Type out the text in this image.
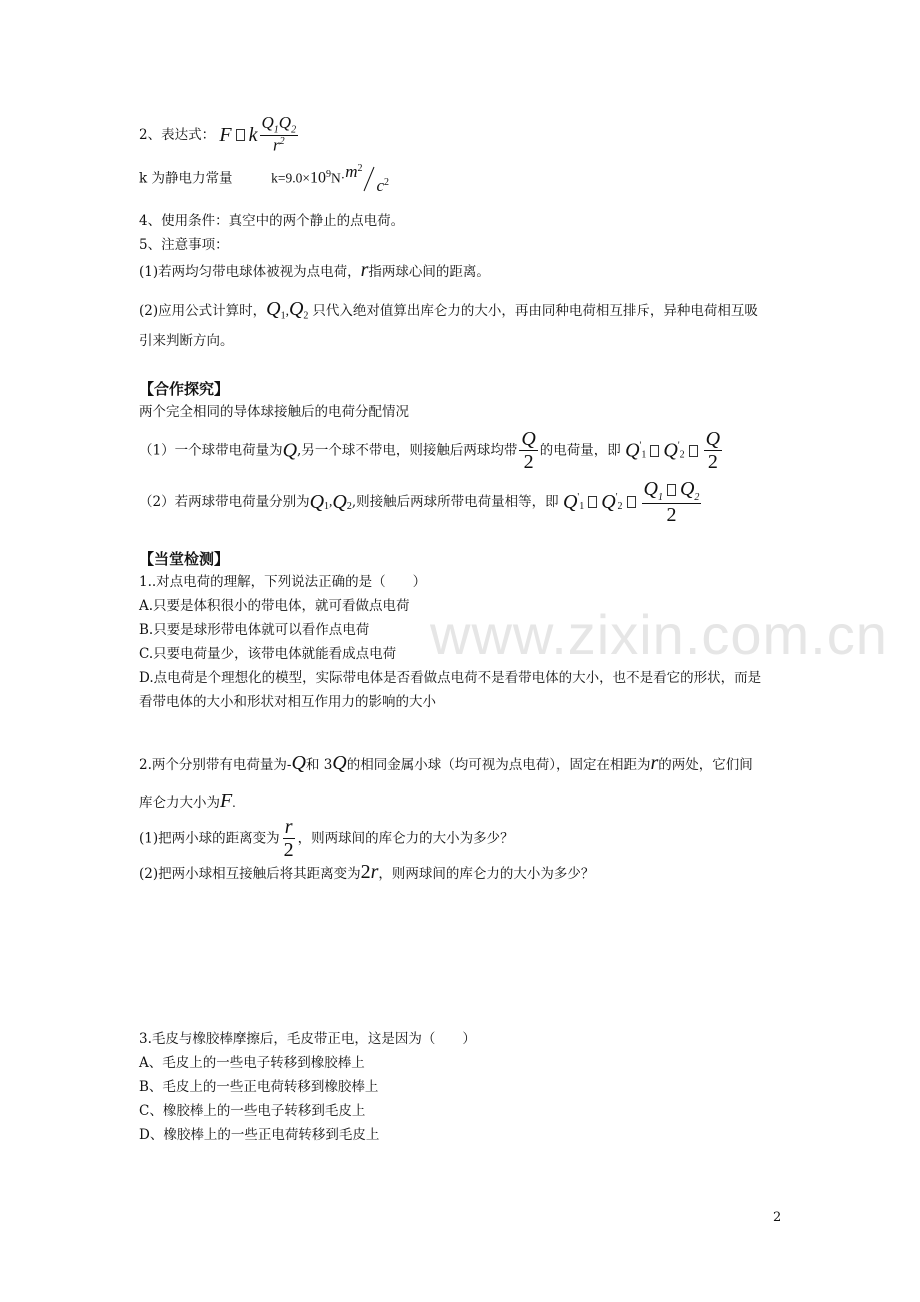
www.zixin.com.cn
2、表达式： F k $\frac{Q_1Q_2}{r^2}$
k 为静电力常量	$k=9.0\times 10^9N\cdot m^2c^2$
4、使用条件：真空中的两个静止的点电荷。
5、注意事项：
(1)若两均匀带电球体被视为点电荷，r指两球心间的距离。
(2)应用公式计算时，$Q_1,Q_2$ 只代入绝对值算出库仑力的大小，再由同种电荷相互排斥，异种电荷相互吸
引来判断方向。
【合作探究】
两个完全相同的导体球接触后的电荷分配情况
（1）一个球带电荷量为Q,另一个球不带电，则接触后两球均带 $\frac{Q}{2}$ 的电荷量，即 $Q'_1$ $Q'_2 \frac{Q}{2}$
（2）若两球带电荷量分别为$Q_1,Q_2$,则接触后两球所带电荷量相等，即 $Q'_1$ $Q'_2 \frac{Q_1 Q_2}{2}$
【当堂检测】
1..对点电荷的理解，下列说法正确的是（　　）
A.只要是体积很小的带电体，就可看做点电荷
B.只要是球形带电体就可以看作点电荷
C.只要电荷量少，该带电体就能看成点电荷
D.点电荷是个理想化的模型，实际带电体是否看做点电荷不是看带电体的大小，也不是看它的形状，而是
看带电体的大小和形状对相互作用力的影响的大小
2.两个分别带有电荷量为-Q和 3Q的相同金属小球（均可视为点电荷），固定在相距为r的两处，它们间
库仑力大小为F.
(1)把两小球的距离变为 $\frac{r}{2}$ ，则两球间的库仑力的大小为多少？
(2)把两小球相互接触后将其距离变为2r，则两球间的库仑力的大小为多少？
3.毛皮与橡胶棒摩擦后，毛皮带正电，这是因为（　　）
A、毛皮上的一些电子转移到橡胶棒上
B、毛皮上的一些正电荷转移到橡胶棒上
C、橡胶棒上的一些电子转移到毛皮上
D、橡胶棒上的一些正电荷转移到毛皮上
2
